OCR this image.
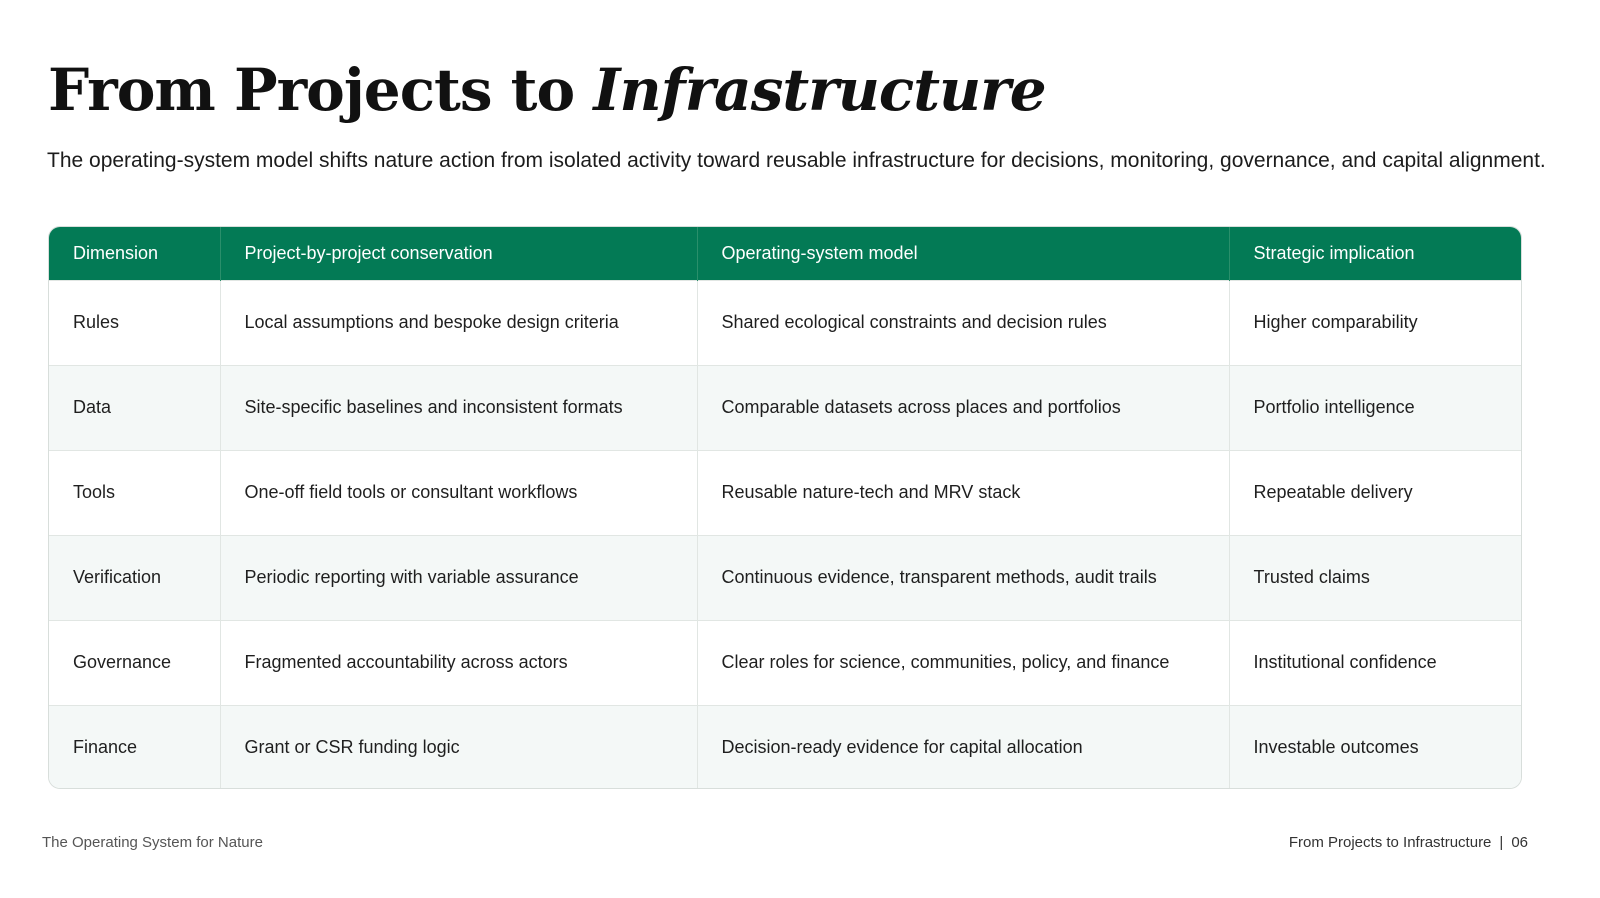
From Projects to Infrastructure

The operating-system model shifts nature action from isolated activity toward reusable infrastructure for decisions, monitoring, governance, and capital alignment.

Dimension	Project-by-project conservation	Operating-system model	Strategic implication
Rules	Local assumptions and bespoke design criteria	Shared ecological constraints and decision rules	Higher comparability
Data	Site-specific baselines and inconsistent formats	Comparable datasets across places and portfolios	Portfolio intelligence
Tools	One-off field tools or consultant workflows	Reusable nature-tech and MRV stack	Repeatable delivery
Verification	Periodic reporting with variable assurance	Continuous evidence, transparent methods, audit trails	Trusted claims
Governance	Fragmented accountability across actors	Clear roles for science, communities, policy, and finance	Institutional confidence
Finance	Grant or CSR funding logic	Decision-ready evidence for capital allocation	Investable outcomes
The Operating System for Nature	From Projects to Infrastructure | 06
